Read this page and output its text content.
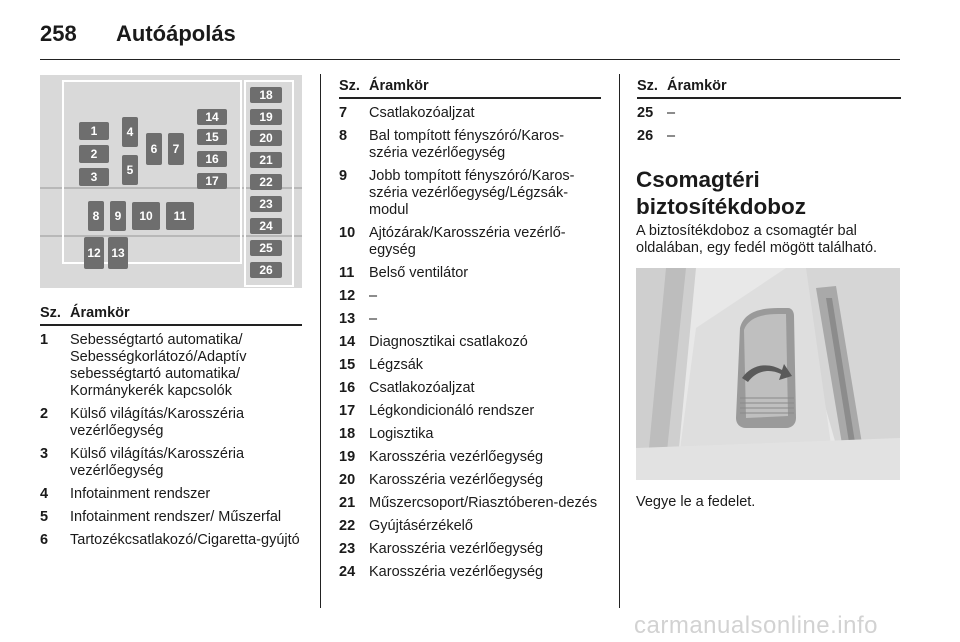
258	Autóápolás
1
2
3
4
5
6 7
8 9 10 11
12 13
14
15
16
17
18
19
20
21
22
23
24
25
26
Sz. Áramkör
1	Sebességtartó automatika/ Sebességkorlátozó/Adaptív sebességtartó automatika/ Kormánykerék kapcsolók
2	Külső világítás/Karosszéria vezérlőegység
3	Külső világítás/Karosszéria vezérlőegység
4	Infotainment rendszer
5	Infotainment rendszer/ Műszerfal
6	Tartozékcsatlakozó/Cigaretta-gyújtó
Sz. Áramkör
7	Csatlakozóaljzat
8	Bal tompított fényszóró/Karos-széria vezérlőegység
9	Jobb tompított fényszóró/Karos-széria vezérlőegység/Légzsák-modul
10 Ajtózárak/Karosszéria vezérlő-egység
11	Belső ventilátor
12 –
13 –
14 Diagnosztikai csatlakozó
15 Légzsák
16 Csatlakozóaljzat
17 Légkondicionáló rendszer
18 Logisztika
19 Karosszéria vezérlőegység
20 Karosszéria vezérlőegység
21 Műszercsoport/Riasztóberen-dezés
22 Gyújtásérzékelő
23 Karosszéria vezérlőegység
24 Karosszéria vezérlőegység
Sz. Áramkör
25 –
26 –
Csomagtéri biztosítékdoboz
A biztosítékdoboz a csomagtér bal oldalában, egy fedél mögött található.
Vegye le a fedelet.
carmanualsonline.info
